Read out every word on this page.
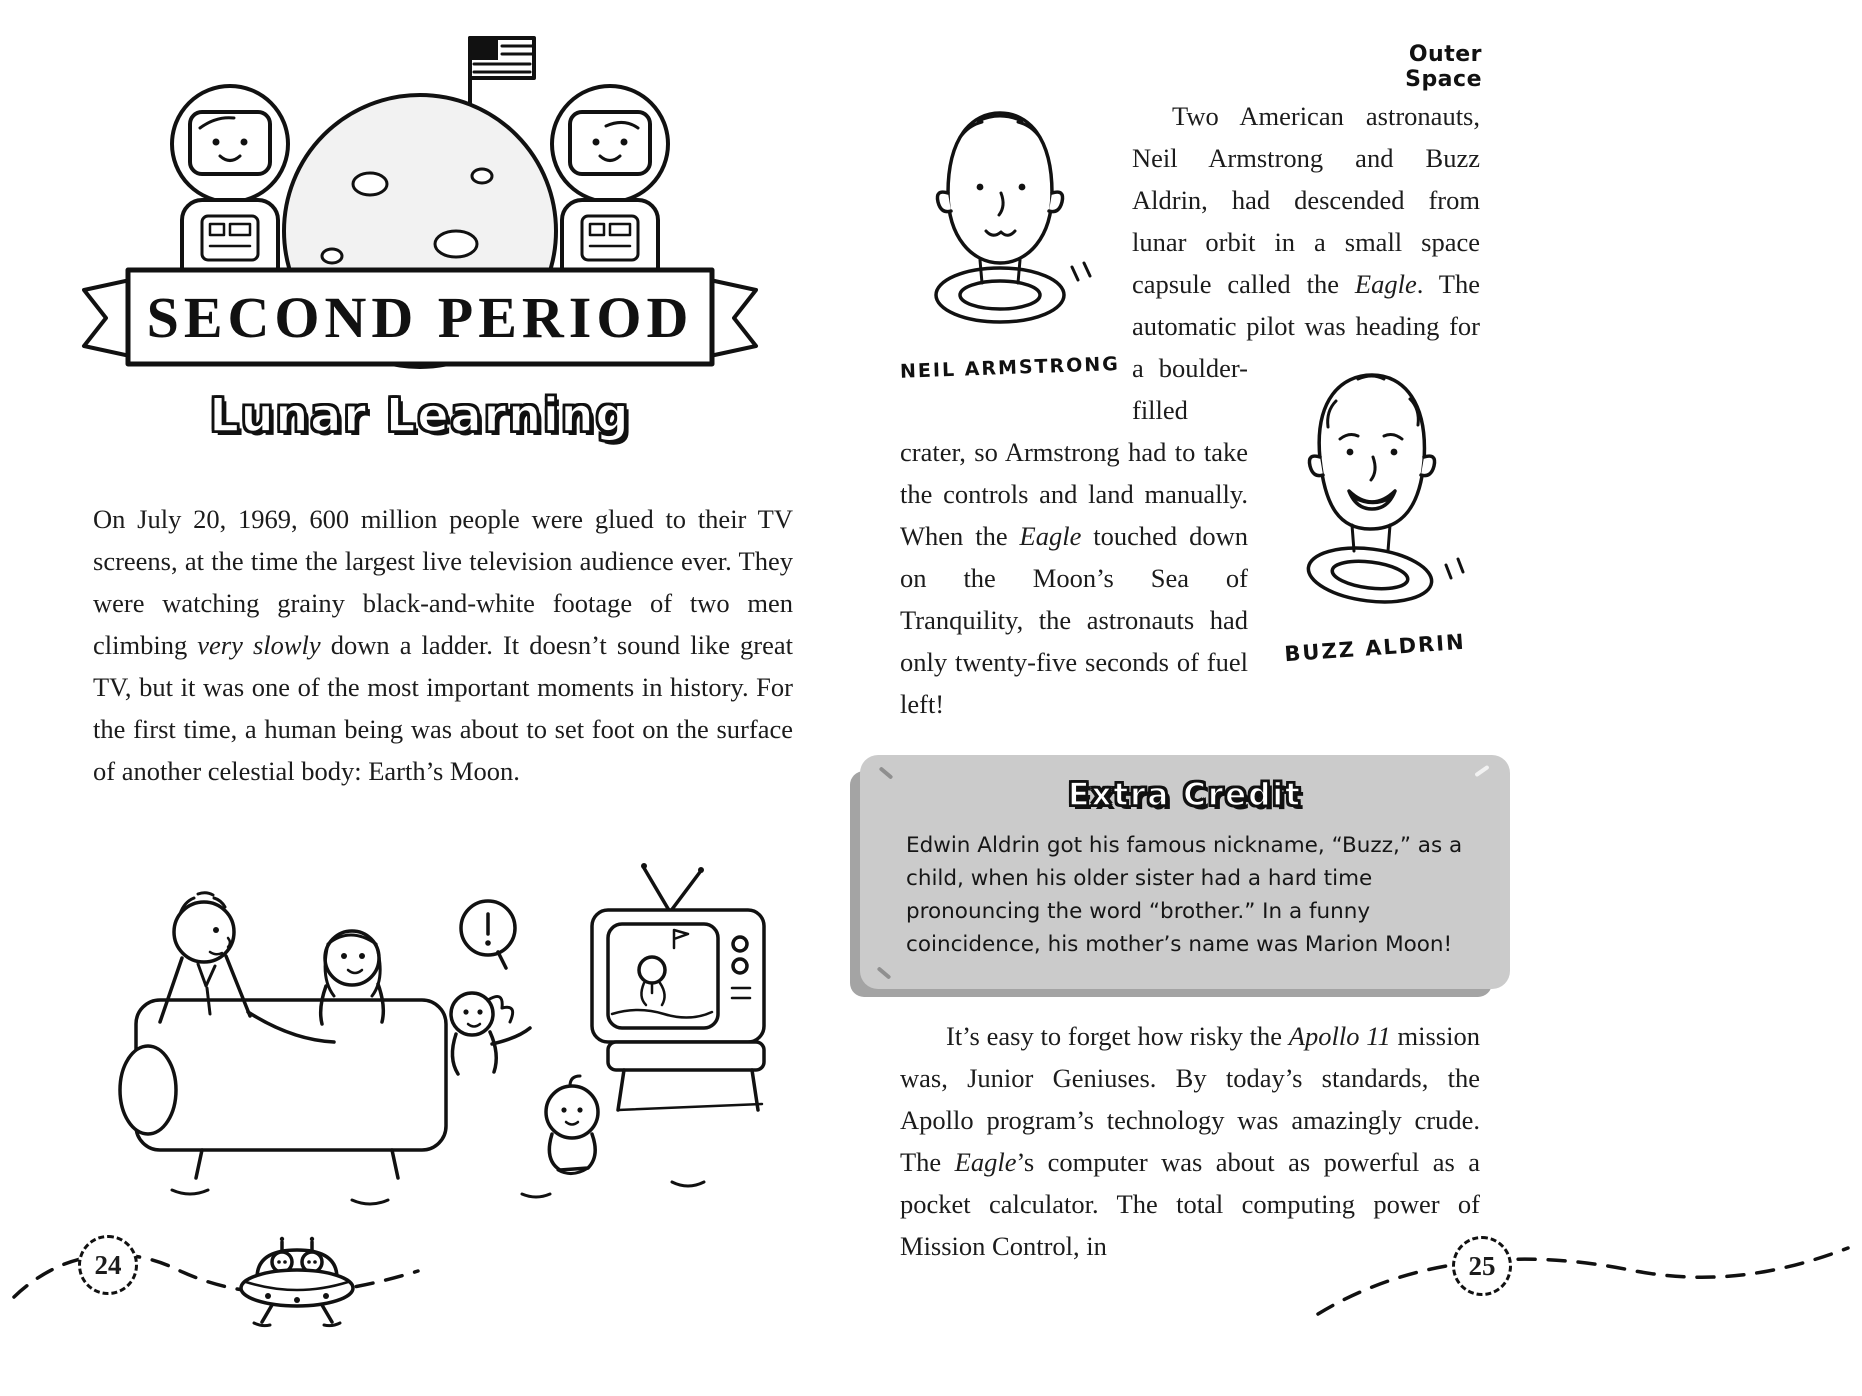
SECOND PERIOD
Lunar Learning

On July 20, 1969, 600 million people were glued to their TV screens, at the time the largest live television audience ever. They were watching grainy black-and-white footage of two men climbing very slowly down a ladder. It doesn’t sound like great TV, but it was one of the most important moments in history. For the first time, a human being was about to set foot on the surface of another celestial body: Earth’s Moon.

24

Outer Space

NEIL ARMSTRONG
Two American astronauts, Neil Armstrong and Buzz Aldrin, had descended from lunar orbit in a small space capsule called the Eagle. The automatic pilot was heading for
BUZZ ALDRIN
a boulder-filled crater, so Armstrong had to take the controls and land manually. When the Eagle touched down on the Moon’s Sea of Tranquility, the astronauts had only twenty-five seconds of fuel left!

Extra Credit

Edwin Aldrin got his famous nickname, “Buzz,” as a child, when his older sister had a hard time pronouncing the word “brother.” In a funny coincidence, his mother’s name was Marion Moon!

It’s easy to forget how risky the Apollo 11 mission was, Junior Geniuses. By today’s standards, the Apollo program’s technology was amazingly crude. The Eagle’s computer was about as powerful as a pocket calculator. The total computing power of Mission Control, in

25
